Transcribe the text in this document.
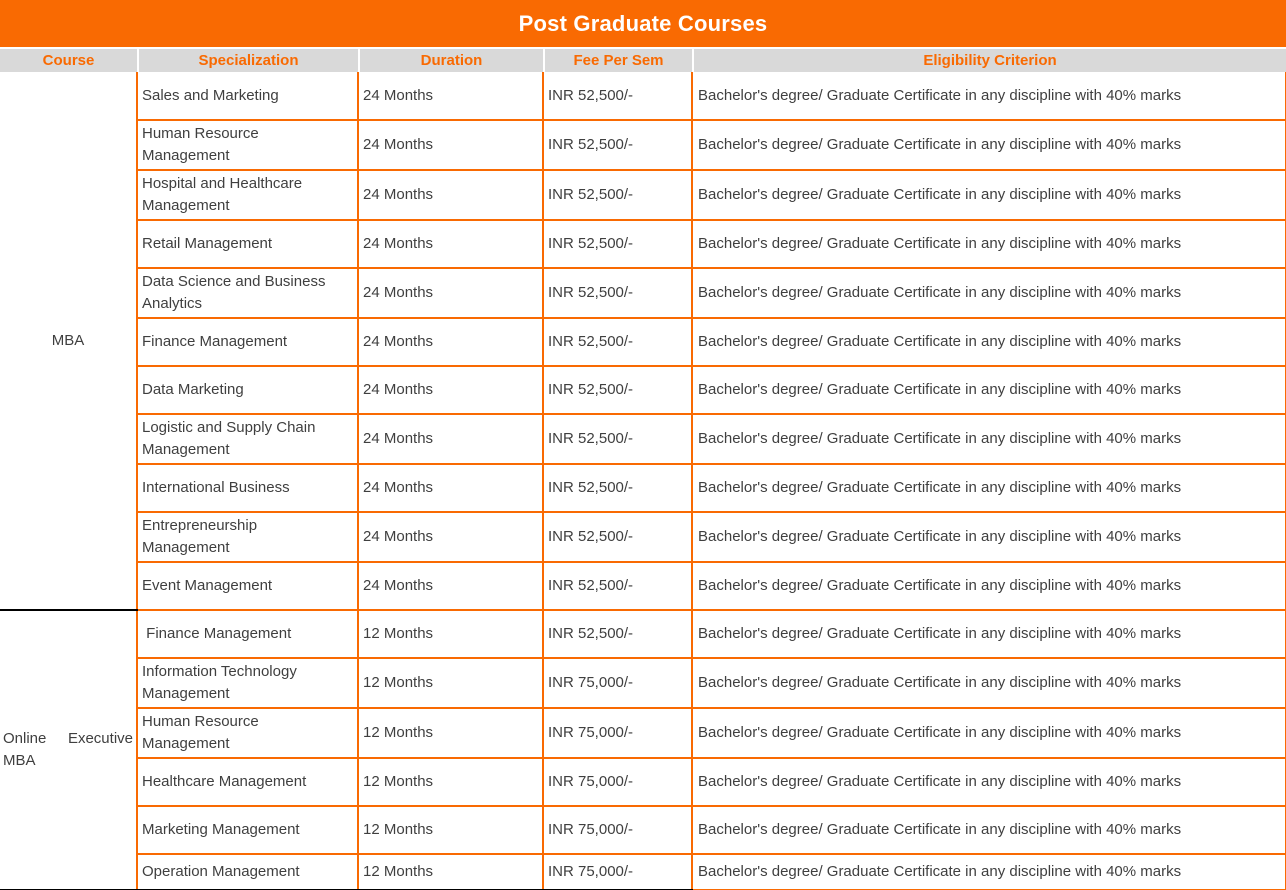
Post Graduate Courses
Course	Specialization	Duration	Fee Per Sem	Eligibility Criterion
MBA	Sales and Marketing	24 Months	INR 52,500/-	Bachelor's degree/ Graduate Certificate in any discipline with 40% marks
	Human Resource Management	24 Months	INR 52,500/-	Bachelor's degree/ Graduate Certificate in any discipline with 40% marks
	Hospital and Healthcare Management	24 Months	INR 52,500/-	Bachelor's degree/ Graduate Certificate in any discipline with 40% marks
	Retail Management	24 Months	INR 52,500/-	Bachelor's degree/ Graduate Certificate in any discipline with 40% marks
	Data Science and Business Analytics	24 Months	INR 52,500/-	Bachelor's degree/ Graduate Certificate in any discipline with 40% marks
	Finance Management	24 Months	INR 52,500/-	Bachelor's degree/ Graduate Certificate in any discipline with 40% marks
	Data Marketing	24 Months	INR 52,500/-	Bachelor's degree/ Graduate Certificate in any discipline with 40% marks
	Logistic and Supply Chain Management	24 Months	INR 52,500/-	Bachelor's degree/ Graduate Certificate in any discipline with 40% marks
	International Business	24 Months	INR 52,500/-	Bachelor's degree/ Graduate Certificate in any discipline with 40% marks
	Entrepreneurship Management	24 Months	INR 52,500/-	Bachelor's degree/ Graduate Certificate in any discipline with 40% marks
	Event Management	24 Months	INR 52,500/-	Bachelor's degree/ Graduate Certificate in any discipline with 40% marks
Online Executive MBA	Finance Management	12 Months	INR 52,500/-	Bachelor's degree/ Graduate Certificate in any discipline with 40% marks
	Information Technology Management	12 Months	INR 75,000/-	Bachelor's degree/ Graduate Certificate in any discipline with 40% marks
	Human Resource Management	12 Months	INR 75,000/-	Bachelor's degree/ Graduate Certificate in any discipline with 40% marks
	Healthcare Management	12 Months	INR 75,000/-	Bachelor's degree/ Graduate Certificate in any discipline with 40% marks
	Marketing Management	12 Months	INR 75,000/-	Bachelor's degree/ Graduate Certificate in any discipline with 40% marks
	Operation Management	12 Months	INR 75,000/-	Bachelor's degree/ Graduate Certificate in any discipline with 40% marks
